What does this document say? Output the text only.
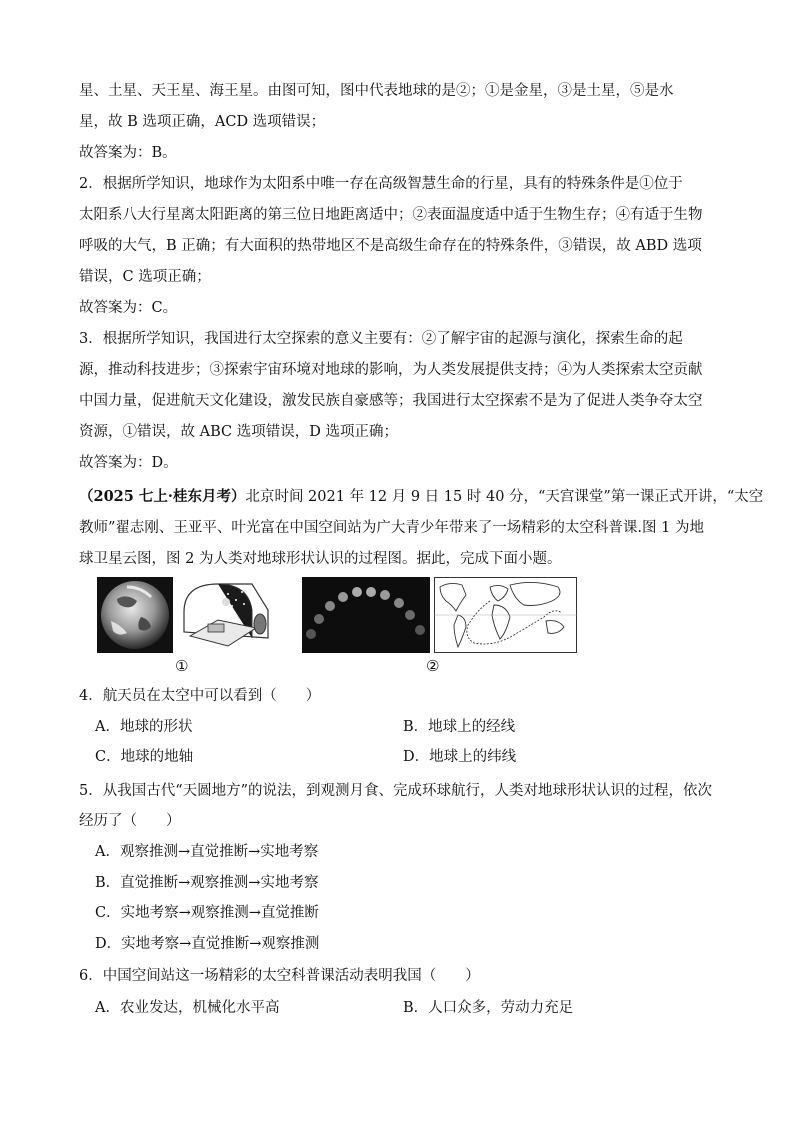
星、土星、天王星、海王星。由图可知，图中代表地球的是②；①是金星，③是土星，⑤是水
星，故 B 选项正确，ACD 选项错误；
故答案为：B。
2．根据所学知识，地球作为太阳系中唯一存在高级智慧生命的行星，具有的特殊条件是①位于
太阳系八大行星离太阳距离的第三位日地距离适中；②表面温度适中适于生物生存；④有适于生物
呼吸的大气，B 正确；有大面积的热带地区不是高级生命存在的特殊条件，③错误，故 ABD 选项
错误，C 选项正确；
故答案为：C。
3．根据所学知识，我国进行太空探索的意义主要有：②了解宇宙的起源与演化，探索生命的起
源，推动科技进步；③探索宇宙环境对地球的影响，为人类发展提供支持；④为人类探索太空贡献
中国力量，促进航天文化建设，激发民族自豪感等；我国进行太空探索不是为了促进人类争夺太空
资源，①错误，故 ABC 选项错误，D 选项正确；
故答案为：D。
（2025 七上·桂东月考）北京时间 2021 年 12 月 9 日 15 时 40 分，“天宫课堂”第一课正式开讲，“太空
教师”翟志刚、王亚平、叶光富在中国空间站为广大青少年带来了一场精彩的太空科普课.图 1 为地
球卫星云图，图 2 为人类对地球形状认识的过程图。据此，完成下面小题。
①	②
4．航天员在太空中可以看到（　　）
A．地球的形状	B．地球上的经线
C．地球的地轴	D．地球上的纬线
5．从我国古代“天圆地方”的说法，到观测月食、完成环球航行，人类对地球形状认识的过程，依次
经历了（　　）
A．观察推测→直觉推断→实地考察
B．直觉推断→观察推测→实地考察
C．实地考察→观察推测→直觉推断
D．实地考察→直觉推断→观察推测
6．中国空间站这一场精彩的太空科普课活动表明我国（　　）
A．农业发达，机械化水平高	B．人口众多，劳动力充足
